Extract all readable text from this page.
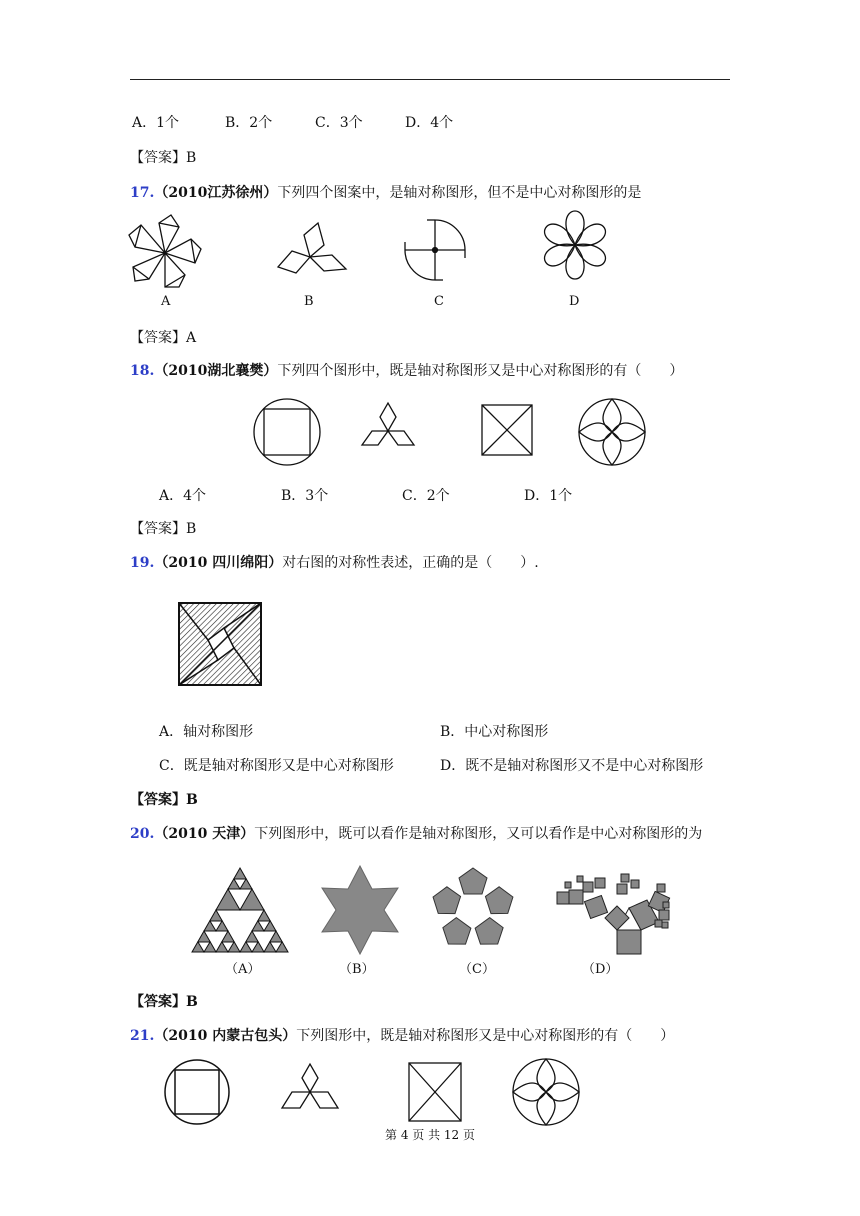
A．1个	B．2个	C．3个	D．4个
【答案】B
17.（2010江苏徐州）下列四个图案中，是轴对称图形，但不是中心对称图形的是
A	B	C	D
【答案】A
18.（2010湖北襄樊）下列四个图形中，既是轴对称图形又是中心对称图形的有（　　）
A．4个	B．3个	C．2个	D．1个
【答案】B
19.（2010 四川绵阳）对右图的对称性表述，正确的是（　　）.
A．轴对称图形	B．中心对称图形
C．既是轴对称图形又是中心对称图形	D．既不是轴对称图形又不是中心对称图形
【答案】B
20.（2010 天津）下列图形中，既可以看作是轴对称图形，又可以看作是中心对称图形的为
（A）	（B）	（C）	（D）
【答案】B
21.（2010 内蒙古包头）下列图形中，既是轴对称图形又是中心对称图形的有（　　）
第 4 页 共 12 页
